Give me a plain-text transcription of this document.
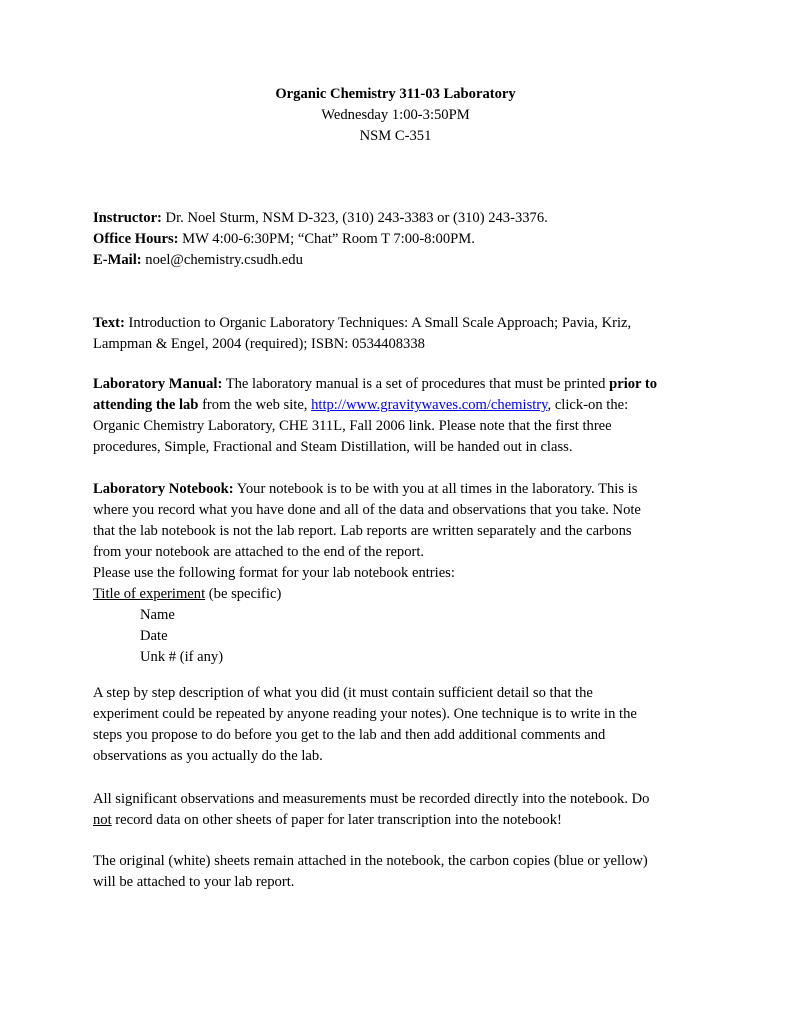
Organic Chemistry 311-03 Laboratory
Wednesday 1:00-3:50PM
NSM C-351
Instructor: Dr. Noel Sturm, NSM D-323, (310) 243-3383 or (310) 243-3376.
Office Hours: MW 4:00-6:30PM; “Chat” Room T 7:00-8:00PM.
E-Mail: noel@chemistry.csudh.edu
Text: Introduction to Organic Laboratory Techniques: A Small Scale Approach; Pavia, Kriz,
Lampman & Engel, 2004 (required); ISBN: 0534408338
Laboratory Manual: The laboratory manual is a set of procedures that must be printed prior to
attending the lab from the web site, http://www.gravitywaves.com/chemistry, click-on the:
Organic Chemistry Laboratory, CHE 311L, Fall 2006 link. Please note that the first three
procedures, Simple, Fractional and Steam Distillation, will be handed out in class.
Laboratory Notebook: Your notebook is to be with you at all times in the laboratory. This is
where you record what you have done and all of the data and observations that you take. Note
that the lab notebook is not the lab report. Lab reports are written separately and the carbons
from your notebook are attached to the end of the report.
Please use the following format for your lab notebook entries:
Title of experiment (be specific)
Name
Date
Unk # (if any)
A step by step description of what you did (it must contain sufficient detail so that the
experiment could be repeated by anyone reading your notes). One technique is to write in the
steps you propose to do before you get to the lab and then add additional comments and
observations as you actually do the lab.
All significant observations and measurements must be recorded directly into the notebook. Do
not record data on other sheets of paper for later transcription into the notebook!
The original (white) sheets remain attached in the notebook, the carbon copies (blue or yellow)
will be attached to your lab report.
